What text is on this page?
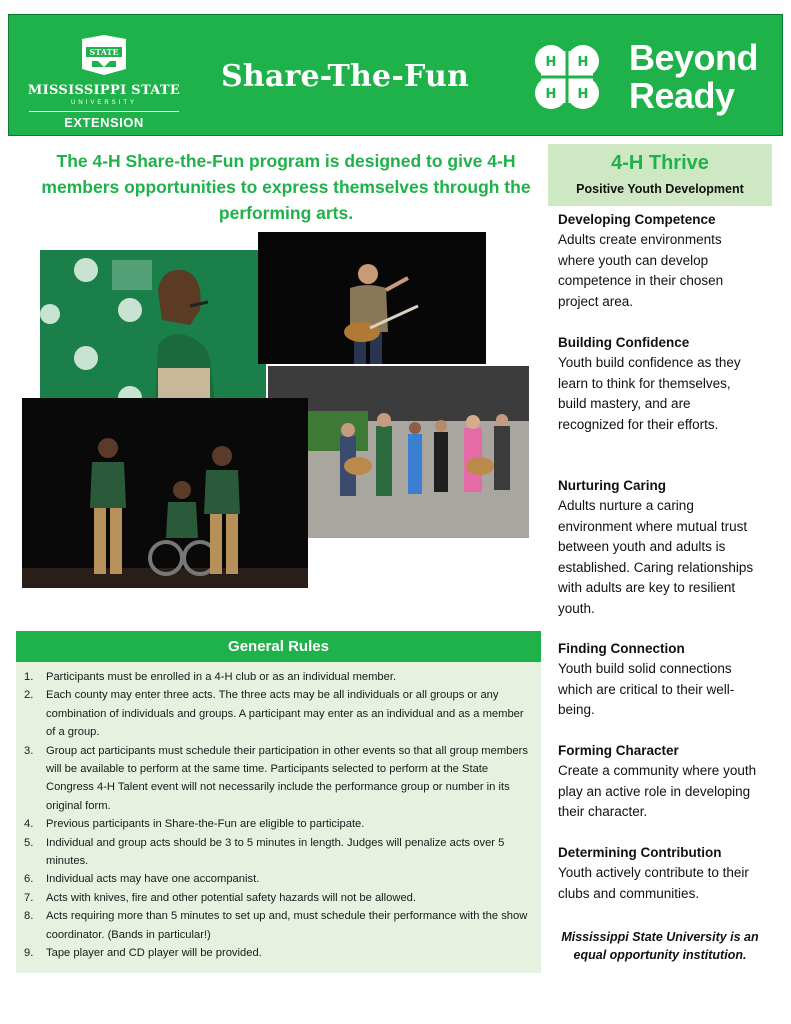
STATE
MISSISSIPPI STATE
UNIVERSITY
EXTENSION
Share-The-Fun	H H
H H
Beyond
Ready
The 4-H Share-the-Fun program is designed to give 4-H members opportunities to express themselves through the performing arts.
General Rules
1. Participants must be enrolled in a 4-H club or as an individual member.
2. Each county may enter three acts. The three acts may be all individuals or all groups or any combination of individuals and groups. A participant may enter as an individual and as a member of a group.
3. Group act participants must schedule their participation in other events so that all group members will be available to perform at the same time. Participants selected to perform at the State Congress 4-H Talent event will not necessarily include the performance group or number in its original form.
4. Previous participants in Share-the-Fun are eligible to participate.
5. Individual and group acts should be 3 to 5 minutes in length. Judges will penalize acts over 5 minutes.
6. Individual acts may have one accompanist.
7. Acts with knives, fire and other potential safety hazards will not be allowed.
8. Acts requiring more than 5 minutes to set up and, must schedule their performance with the show coordinator. (Bands in particular!)
9. Tape player and CD player will be provided.
4-H Thrive
Positive Youth Development
Developing Competence

Adults create environments where youth can develop competence in their chosen project area.

Building Confidence

Youth build confidence as they learn to think for themselves, build mastery, and are recognized for their efforts.

Nurturing Caring

Adults nurture a caring environment where mutual trust between youth and adults is established. Caring relationships with adults are key to resilient youth.

Finding Connection

Youth build solid connections which are critical to their well-being.

Forming Character

Create a community where youth play an active role in developing their character.

Determining Contribution

Youth actively contribute to their clubs and communities.

Mississippi State University is an equal opportunity institution.
